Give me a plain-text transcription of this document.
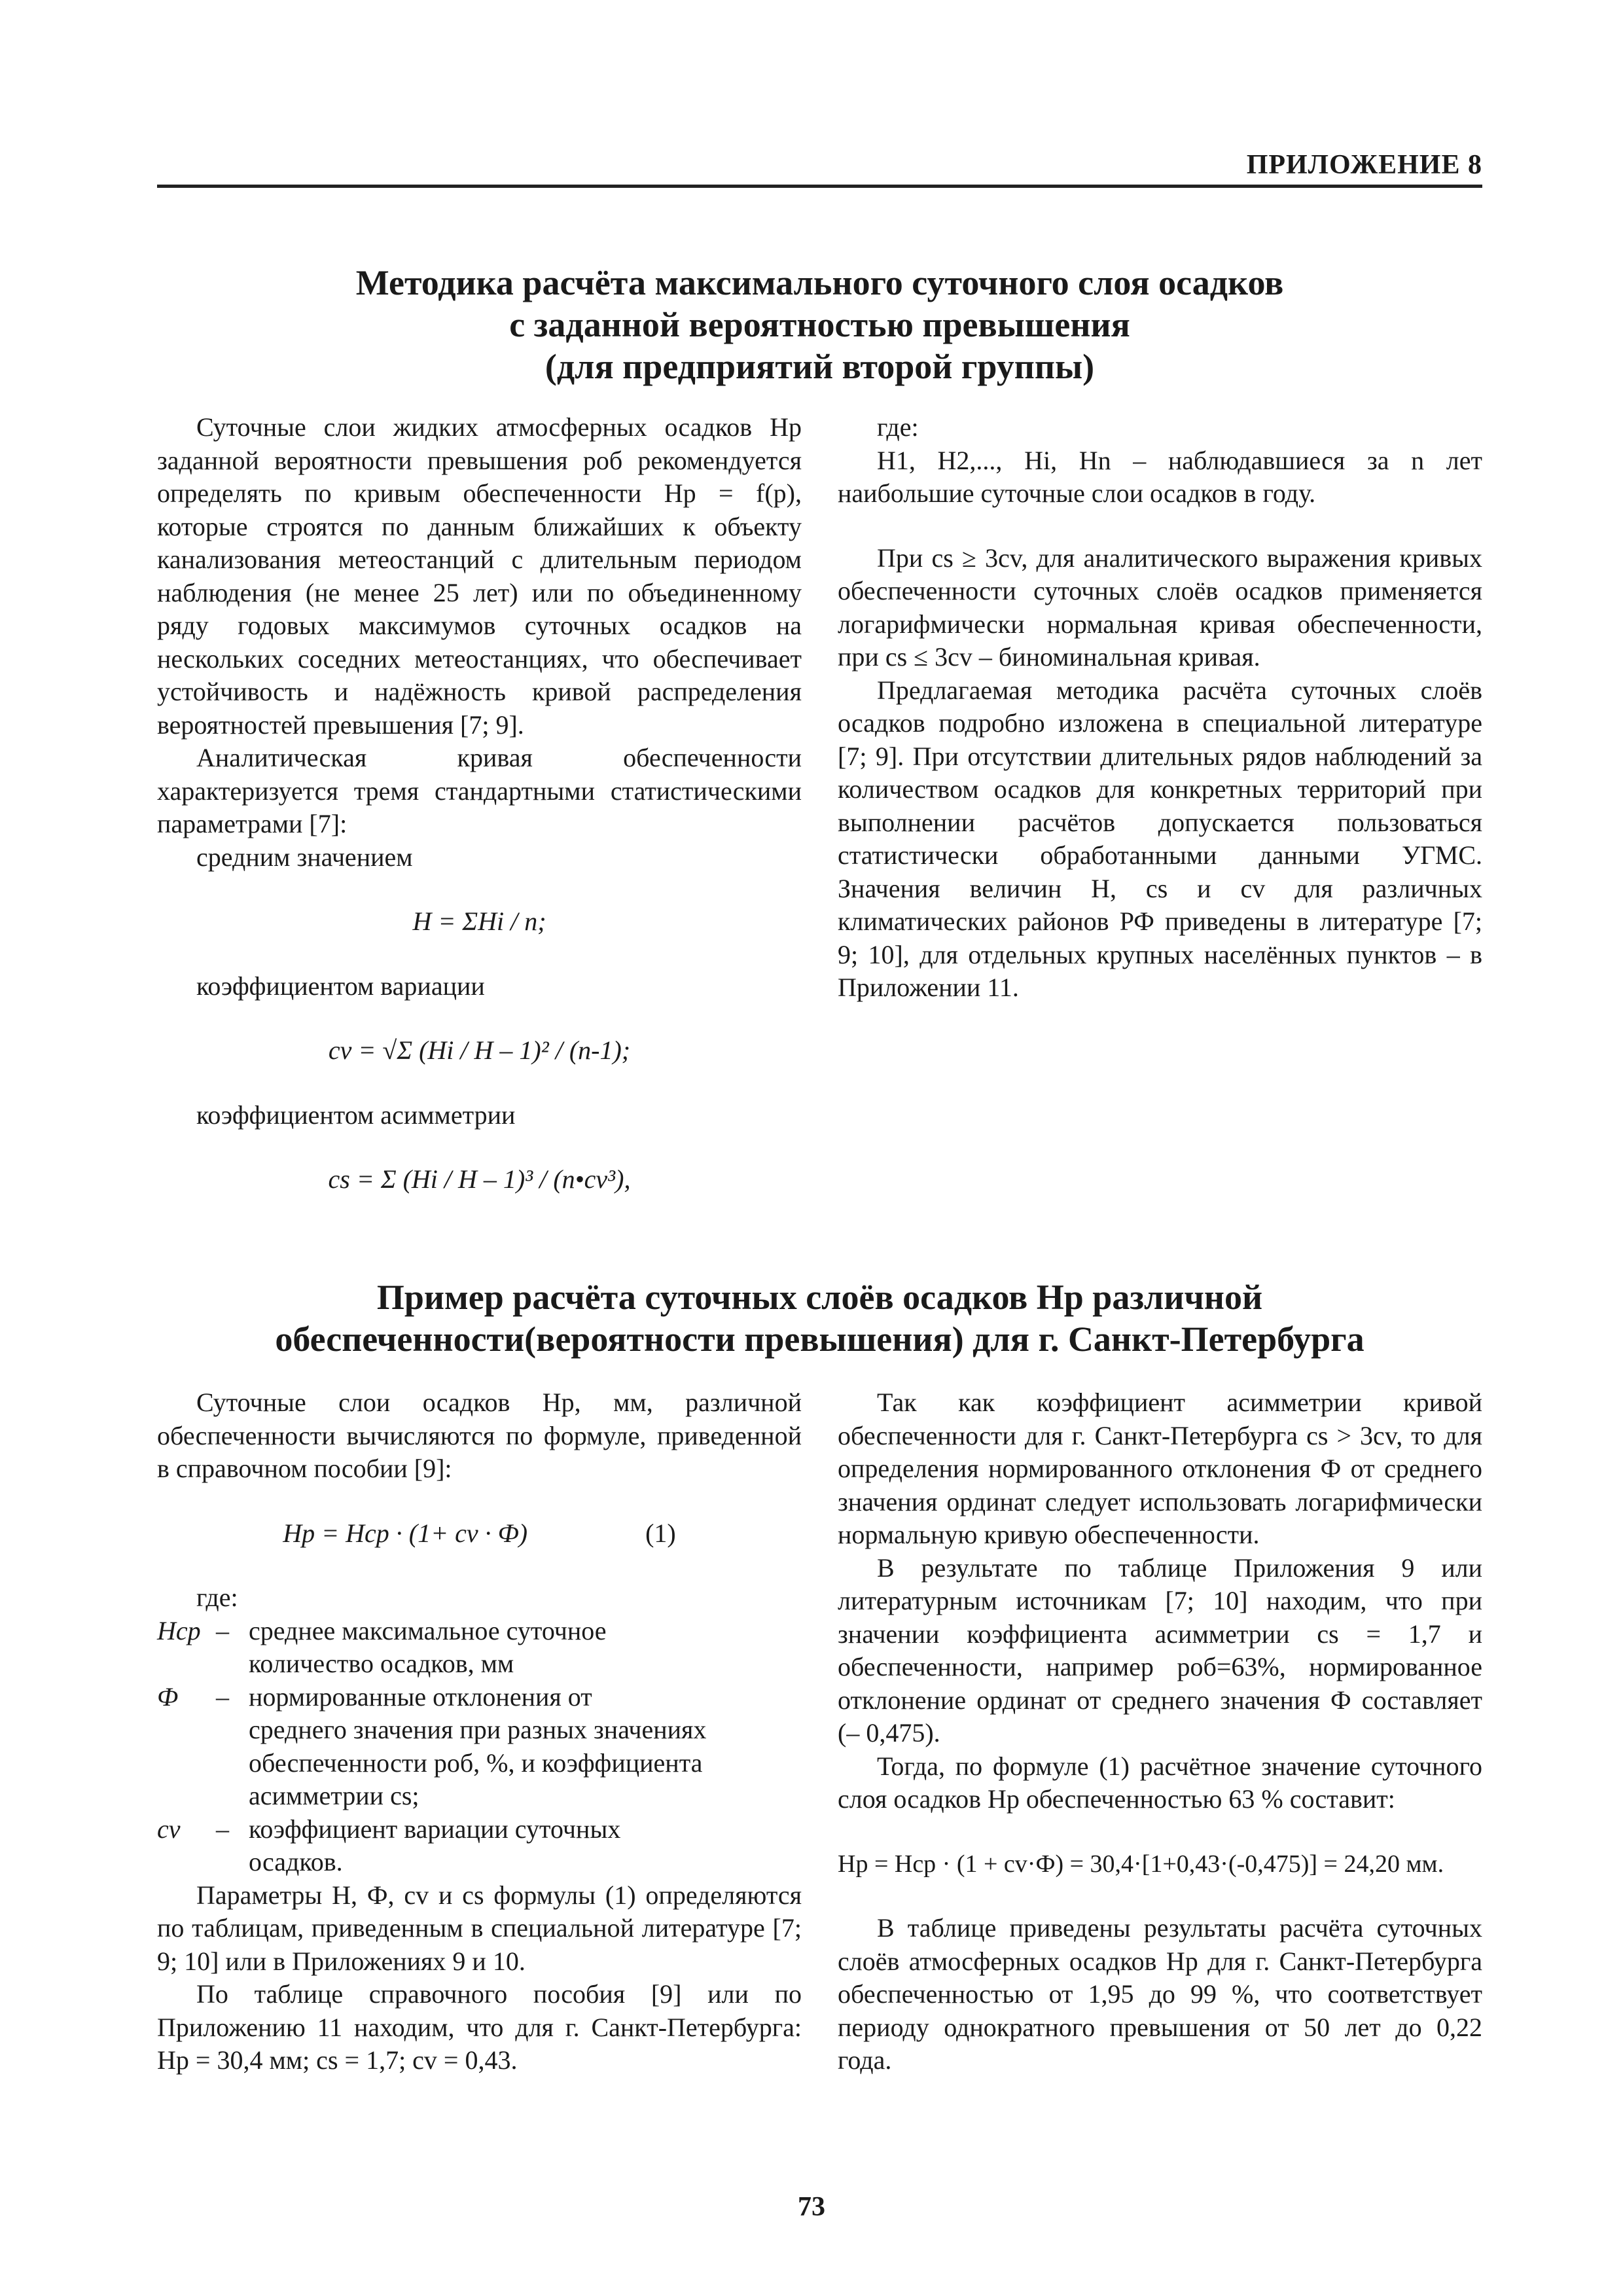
ПРИЛОЖЕНИЕ 8
Методика расчёта максимального суточного слоя осадков
с заданной вероятностью превышения
(для предприятий второй группы)

Суточные слои жидких атмосферных осадков Hр заданной вероятности превышения pоб рекомендуется определять по кривым обеспеченности Hр = f(p), которые строятся по данным ближайших к объекту канализования метеостанций с длительным периодом наблюдения (не менее 25 лет) или по объединенному ряду годовых максимумов суточных осадков на нескольких соседних метеостанциях, что обеспечивает устойчивость и надёжность кривой распределения вероятностей превышения [7; 9].

Аналитическая кривая обеспеченности характеризуется тремя стандартными статистическими параметрами [7]:

средним значением

H = ΣHi / n;

коэффициентом вариации

cv = √Σ (Hi / H – 1)² / (n-1);

коэффициентом асимметрии

cs = Σ (Hi / H – 1)³ / (n•cv³),

где:

H1, H2,..., Hi, Hn – наблюдавшиеся за n лет наибольшие суточные слои осадков в году.

При cs ≥ 3cv, для аналитического выражения кривых обеспеченности суточных слоёв осадков применяется логарифмически нормальная кривая обеспеченности, при cs ≤ 3cv – биноминальная кривая.

Предлагаемая методика расчёта суточных слоёв осадков подробно изложена в специальной литературе [7; 9]. При отсутствии длительных рядов наблюдений за количеством осадков для конкретных территорий при выполнении расчётов допускается пользоваться статистически обработанными данными УГМС. Значения величин H, cs и cv для различных климатических районов РФ приведены в литературе [7; 9; 10], для отдельных крупных населённых пунктов – в Приложении 11.

Пример расчёта суточных слоёв осадков Hр различной
обеспеченности(вероятности превышения) для г. Санкт-Петербурга

Суточные слои осадков Hр, мм, различной обеспеченности вычисляются по формуле, приведенной в справочном пособии [9]:

Hр = Hср · (1+ cv · Ф)	(1)

где:

Hср – среднее максимальное суточное
количество осадков, мм
Ф	– нормированные отклонения от
среднего значения при разных значениях
обеспеченности pоб, %, и коэффициента
асимметрии cs;
cv	– коэффициент вариации суточных
осадков.

Параметры H, Ф, cv и cs формулы (1) определяются по таблицам, приведенным в специальной литературе [7; 9; 10] или в Приложениях 9 и 10.

По таблице справочного пособия [9] или по Приложению 11 находим, что для г. Санкт-Петербурга: Hр = 30,4 мм; cs = 1,7; cv = 0,43.

Так как коэффициент асимметрии кривой обеспеченности для г. Санкт-Петербурга cs > 3cv, то для определения нормированного отклонения Ф от среднего значения ординат следует использовать логарифмически нормальную кривую обеспеченности.

В результате по таблице Приложения 9 или литературным источникам [7; 10] находим, что при значении коэффициента асимметрии cs = 1,7 и обеспеченности, например pоб=63%, нормированное отклонение ординат от среднего значения Ф составляет (– 0,475).

Тогда, по формуле (1) расчётное значение суточного слоя осадков Hр обеспеченностью 63 % составит:

Hр = Hср · (1 + cv·Ф) = 30,4·[1+0,43·(-0,475)] = 24,20 мм.

В таблице приведены результаты расчёта суточных слоёв атмосферных осадков Hр для г. Санкт-Петербурга обеспеченностью от 1,95 до 99 %, что соответствует периоду однократного превышения от 50 лет до 0,22 года.

73
